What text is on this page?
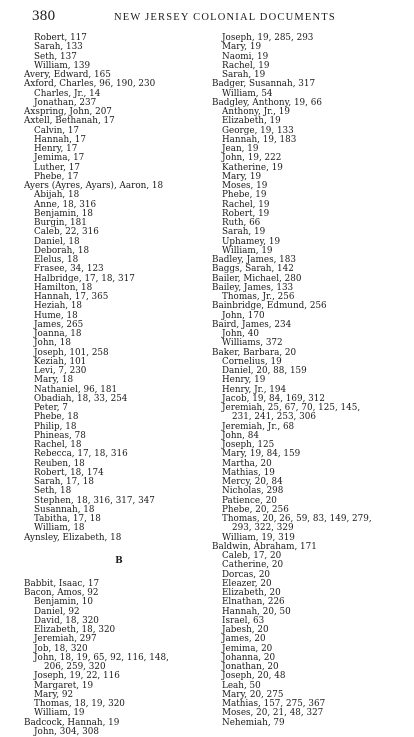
380	NEW JERSEY COLONIAL DOCUMENTS
Robert, 117
Sarah, 133
Seth, 137
William, 139
Avery, Edward, 165
Axford, Charles, 96, 190, 230
Charles, Jr., 14
Jonathan, 237
Axspring, John, 207
Axtell, Bethanah, 17
Calvin, 17
Hannah, 17
Henry, 17
Jemima, 17
Luther, 17
Phebe, 17
Ayers (Ayres, Ayars), Aaron, 18
Abijah, 18
Anne, 18, 316
Benjamin, 18
Burgin, 181
Caleb, 22, 316
Daniel, 18
Deborah, 18
Elelus, 18
Frasee, 34, 123
Halbridge, 17, 18, 317
Hamilton, 18
Hannah, 17, 365
Heziah, 18
Hume, 18
James, 265
Joanna, 18
John, 18
Joseph, 101, 258
Keziah, 101
Levi, 7, 230
Mary, 18
Nathaniel, 96, 181
Obadiah, 18, 33, 254
Peter, 7
Phebe, 18
Philip, 18
Phineas, 78
Rachel, 18
Rebecca, 17, 18, 316
Reuben, 18
Robert, 18, 174
Sarah, 17, 18
Seth, 18
Stephen, 18, 316, 317, 347
Susannah, 18
Tabitha, 17, 18
William, 18
Aynsley, Elizabeth, 18
B
Babbit, Isaac, 17
Bacon, Amos, 92
Benjamin, 10
Daniel, 92
David, 18, 320
Elizabeth, 18, 320
Jeremiah, 297
Job, 18, 320
John, 18, 19, 65, 92, 116, 148,
206, 259, 320
Joseph, 19, 22, 116
Margaret, 19
Mary, 92
Thomas, 18, 19, 320
William, 19
Badcock, Hannah, 19
John, 304, 308
Joseph, 19, 285, 293
Mary, 19
Naomi, 19
Rachel, 19
Sarah, 19
Badger, Susannah, 317
William, 54
Badgley, Anthony, 19, 66
Anthony, Jr., 19
Elizabeth, 19
George, 19, 133
Hannah, 19, 183
Jean, 19
John, 19, 222
Katherine, 19
Mary, 19
Moses, 19
Phebe, 19
Rachel, 19
Robert, 19
Ruth, 66
Sarah, 19
Uphamey, 19
William, 19
Badley, James, 183
Baggs, Sarah, 142
Bailer, Michael, 280
Bailey, James, 133
Thomas, Jr., 256
Bainbridge, Edmund, 256
John, 170
Baird, James, 234
John, 40
Williams, 372
Baker, Barbara, 20
Cornelius, 19
Daniel, 20, 88, 159
Henry, 19
Henry, Jr., 194
Jacob, 19, 84, 169, 312
Jeremiah, 25, 67, 70, 125, 145,
231, 241, 253, 306
Jeremiah, Jr., 68
John, 84
Joseph, 125
Mary, 19, 84, 159
Martha, 20
Mathias, 19
Mercy, 20, 84
Nicholas, 298
Patience, 20
Phebe, 20, 256
Thomas, 20, 26, 59, 83, 149, 279,
293, 322, 329
William, 19, 319
Baldwin, Abraham, 171
Caleb, 17, 20
Catherine, 20
Dorcas, 20
Eleazer, 20
Elizabeth, 20
Elnathan, 226
Hannah, 20, 50
Israel, 63
Jabesh, 20
James, 20
Jemima, 20
Johanna, 20
Jonathan, 20
Joseph, 20, 48
Leah, 50
Mary, 20, 275
Mathias, 157, 275, 367
Moses, 20, 21, 48, 327
Nehemiah, 79
